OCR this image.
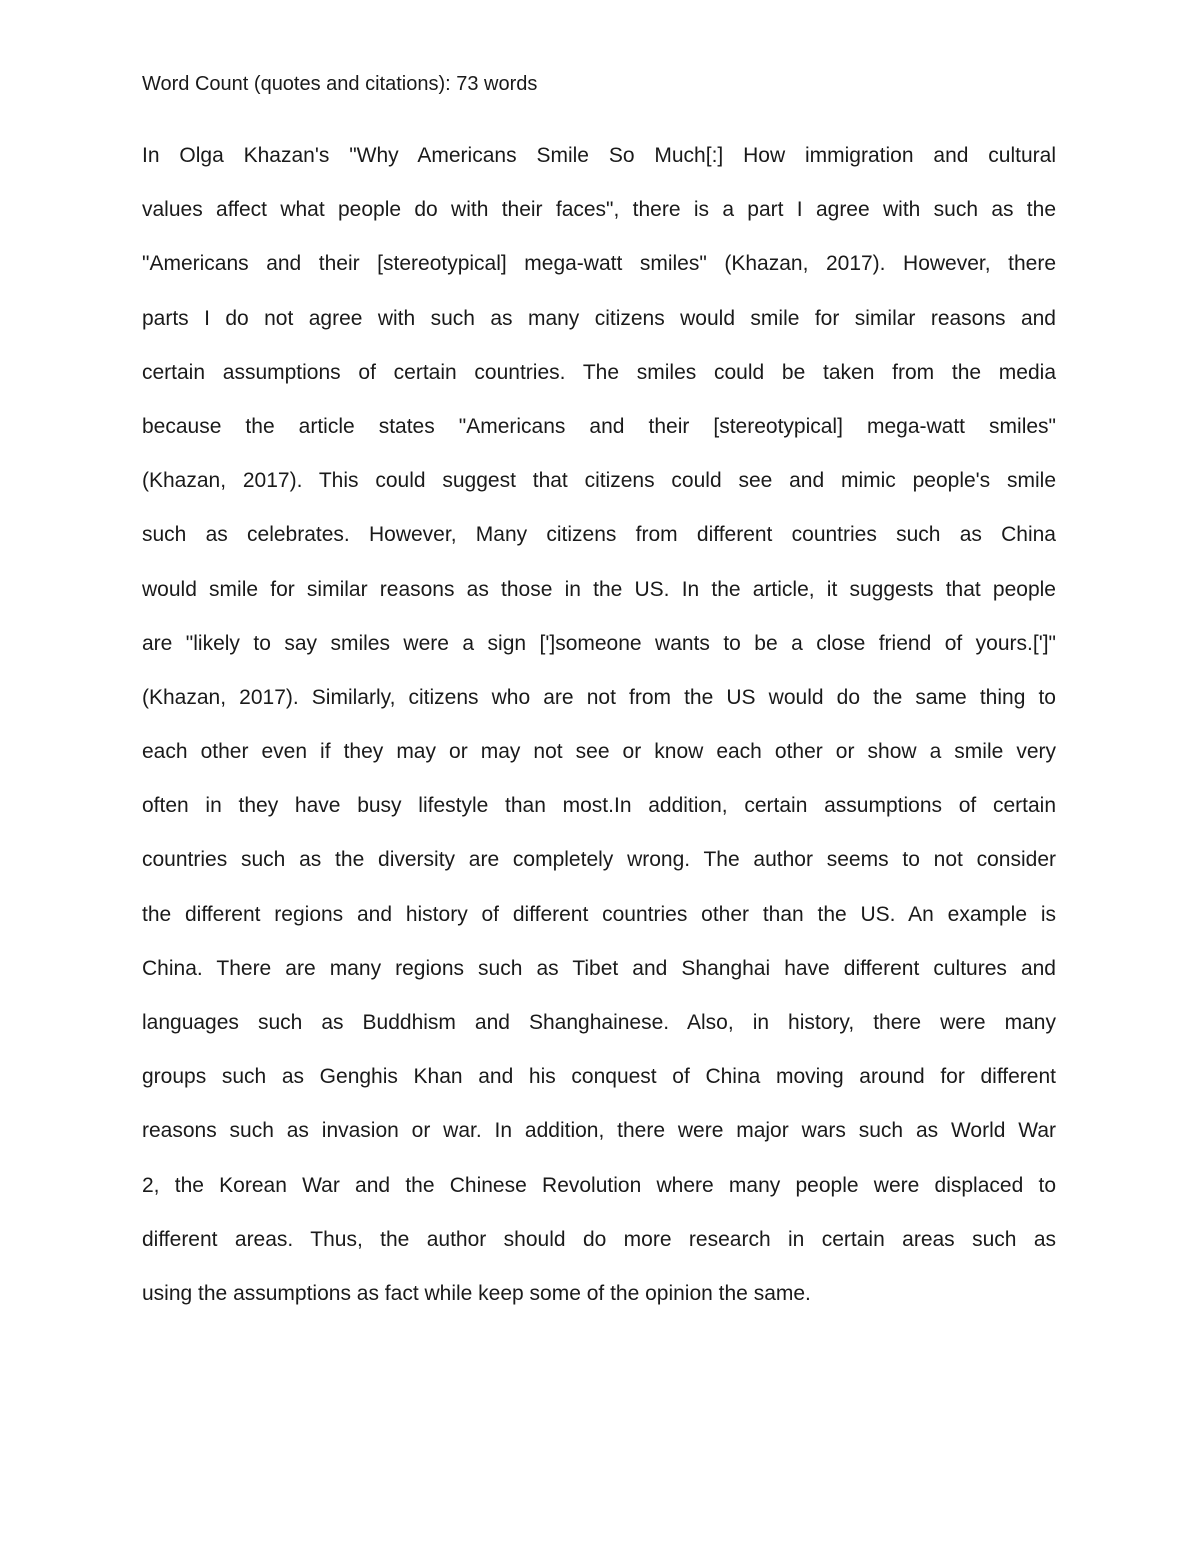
Word Count (quotes and citations): 73 words
In Olga Khazan's "Why Americans Smile So Much[:] How immigration and cultural
values affect what people do with their faces", there is a part I agree with such as the
"Americans and their [stereotypical] mega-watt smiles" (Khazan, 2017). However, there
parts I do not agree with such as many citizens would smile for similar reasons and
certain assumptions of certain countries. The smiles could be taken from the media
because the article states "Americans and their [stereotypical] mega-watt smiles"
(Khazan, 2017). This could suggest that citizens could see and mimic people's smile
such as celebrates. However, Many citizens from different countries such as China
would smile for similar reasons as those in the US. In the article, it suggests that people
are "likely to say smiles were a sign [']someone wants to be a close friend of yours.[']"
(Khazan, 2017). Similarly, citizens who are not from the US would do the same thing to
each other even if they may or may not see or know each other or show a smile very
often in they have busy lifestyle than most.In addition, certain assumptions of certain
countries such as the diversity are completely wrong. The author seems to not consider
the different regions and history of different countries other than the US. An example is
China. There are many regions such as Tibet and Shanghai have different cultures and
languages such as Buddhism and Shanghainese. Also, in history, there were many
groups such as Genghis Khan and his conquest of China moving around for different
reasons such as invasion or war. In addition, there were major wars such as World War
2, the Korean War and the Chinese Revolution where many people were displaced to
different areas. Thus, the author should do more research in certain areas such as
using the assumptions as fact while keep some of the opinion the same.
